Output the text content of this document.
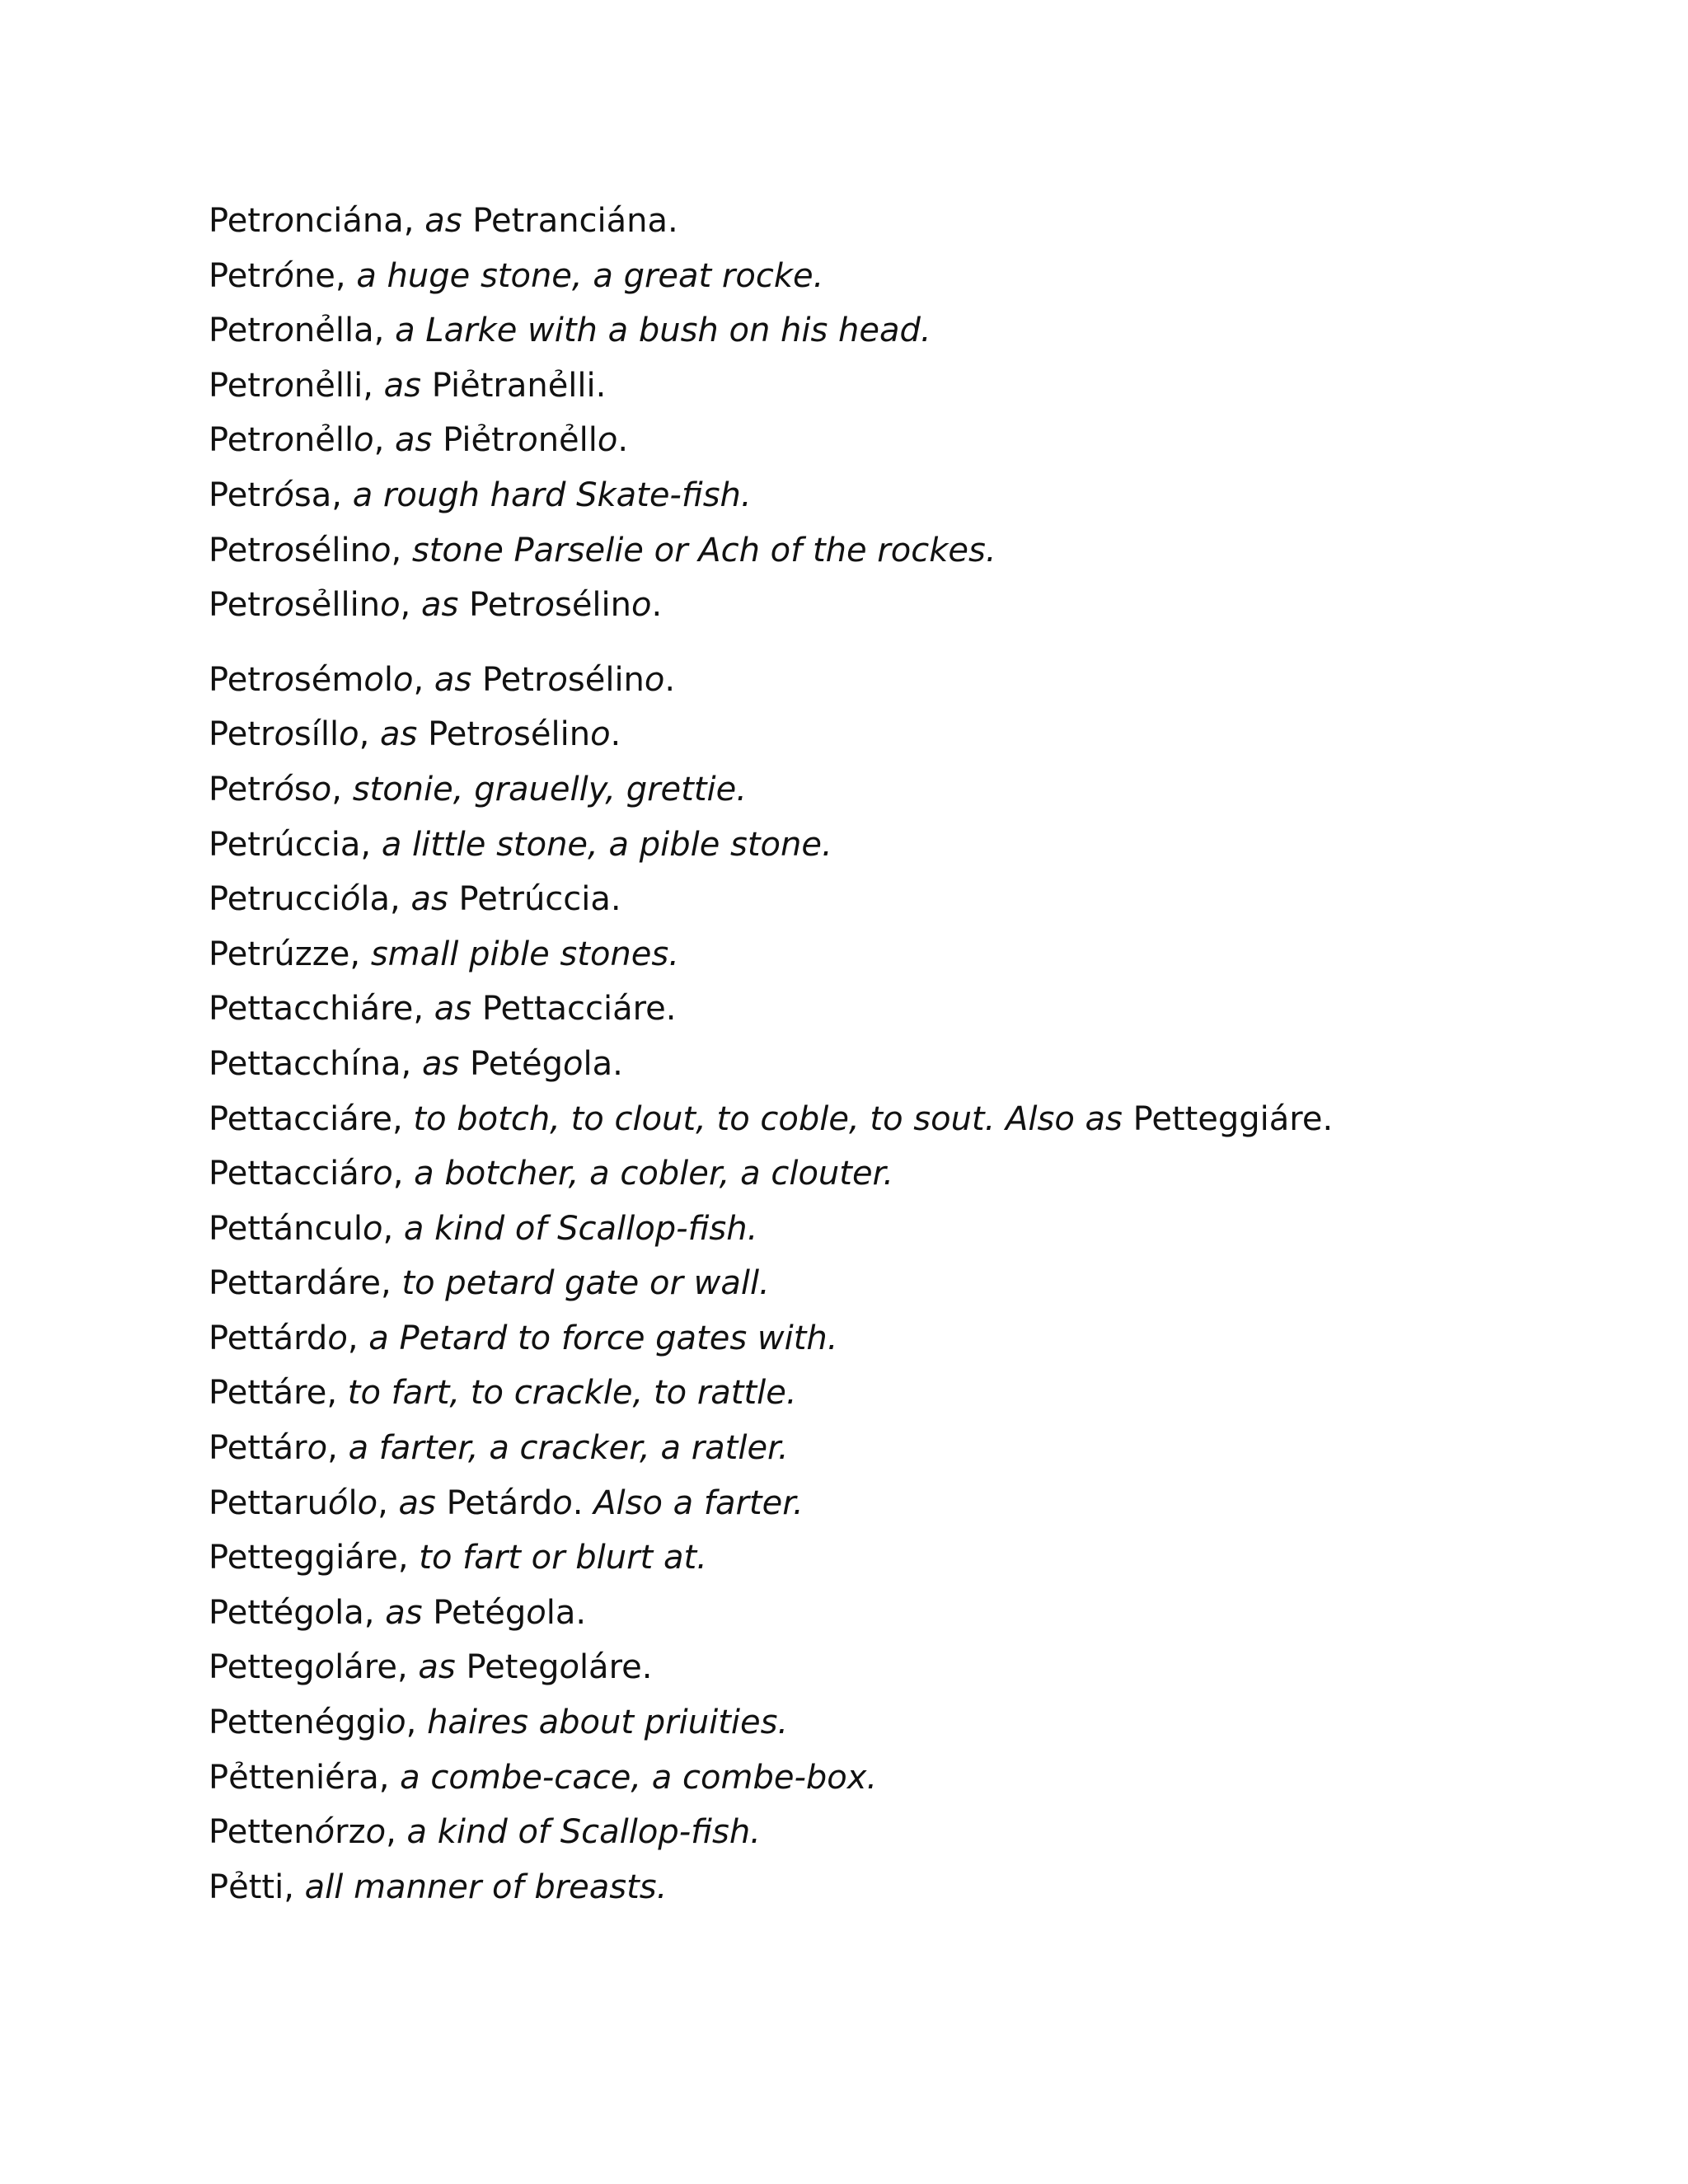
Petronciána, as Petranciána.
Petróne, a huge stone, a great rocke.
Petronẻlla, a Larke with a bush on his head.
Petronẻlli, as Piẻtranẻlli.
Petronẻllo, as Piẻtronẻllo.
Petrósa, a rough hard Skate-fish.
Petrosélino, stone Parselie or Ach of the rockes.
Petrosẻllino, as Petrosélino.
Petrosémolo, as Petrosélino.
Petrosíllo, as Petrosélino.
Petróso, stonie, grauelly, grettie.
Petrúccia, a little stone, a pible stone.
Petruccióla, as Petrúccia.
Petrúzze, small pible stones.
Pettacchiáre, as Pettacciáre.
Pettacchína, as Petégola.
Pettacciáre, to botch, to clout, to coble, to sout. Also as Petteggiáre.
Pettacciáro, a botcher, a cobler, a clouter.
Pettánculo, a kind of Scallop-fish.
Pettardáre, to petard gate or wall.
Pettárdo, a Petard to force gates with.
Pettáre, to fart, to crackle, to rattle.
Pettáro, a farter, a cracker, a ratler.
Pettaruólo, as Petárdo. Also a farter.
Petteggiáre, to fart or blurt at.
Pettégola, as Petégola.
Pettegoláre, as Petegoláre.
Pettenéggio, haires about priuities.
Pẻtteniéra, a combe-cace, a combe-box.
Pettenórzo, a kind of Scallop-fish.
Pẻtti, all manner of breasts.
